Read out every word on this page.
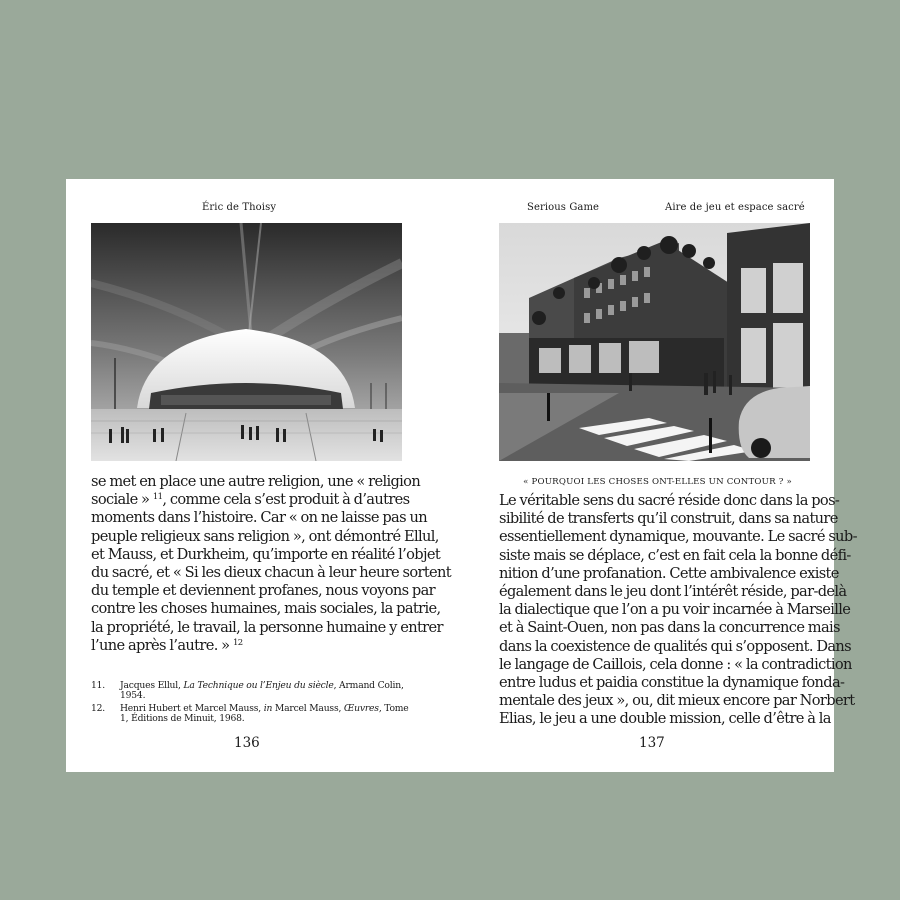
Éric de Thoisy
se met en place une autre religion, une « religion
sociale » $^{11}$, comme cela s’est produit à d’autres
moments dans l’histoire. Car « on ne laisse pas un
peuple religieux sans religion », ont démontré Ellul,
et Mauss, et Durkheim, qu’importe en réalité l’objet
du sacré, et « Si les dieux chacun à leur heure sortent
du temple et deviennent profanes, nous voyons par
contre les choses humaines, mais sociales, la patrie,
la propriété, le travail, la personne humaine y entrer
l’une après l’autre. » $^{12}$
11.	Jacques Ellul, La Technique ou l’Enjeu du siècle, Armand Colin, 1954.
12.	Henri Hubert et Marcel Mauss, in Marcel Mauss, Œuvres, Tome 1, Éditions de Minuit, 1968.
136
Serious Game	Aire de jeu et espace sacré
« POURQUOI LES CHOSES ONT-ELLES UN CONTOUR ? »
Le véritable sens du sacré réside donc dans la pos-
sibilité de transferts qu’il construit, dans sa nature
essentiellement dynamique, mouvante. Le sacré sub-
siste mais se déplace, c’est en fait cela la bonne défi-
nition d’une profanation. Cette ambivalence existe
également dans le jeu dont l’intérêt réside, par-delà
la dialectique que l’on a pu voir incarnée à Marseille
et à Saint-Ouen, non pas dans la concurrence mais
dans la coexistence de qualités qui s’opposent. Dans
le langage de Caillois, cela donne : « la contradiction
entre ludus et paidia constitue la dynamique fonda-
mentale des jeux », ou, dit mieux encore par Norbert
Elias, le jeu a une double mission, celle d’être à la
137
